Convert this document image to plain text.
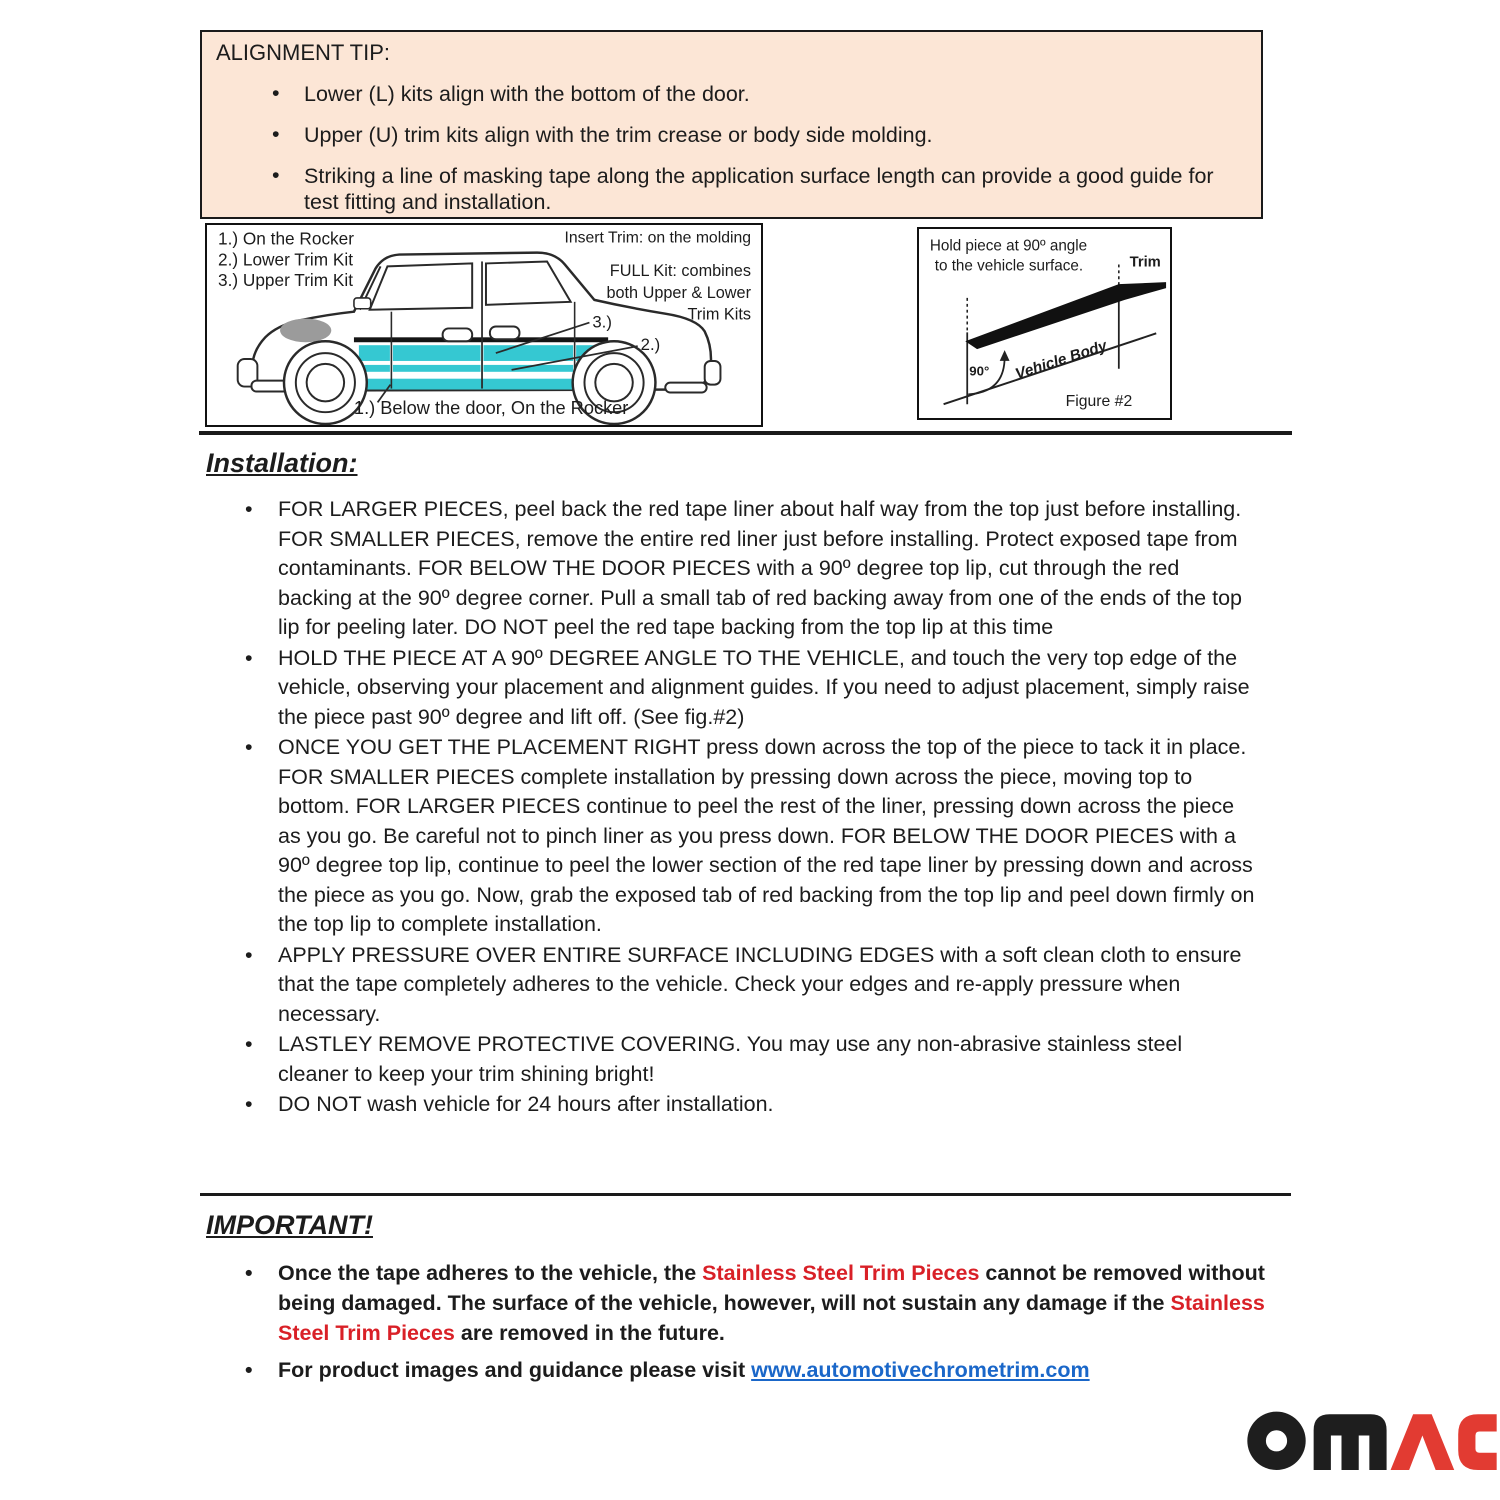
ALIGNMENT TIP:
• Lower (L) kits align with the bottom of the door.
• Upper (U) trim kits align with the trim crease or body side molding.
• Striking a line of masking tape along the application surface length can provide a good guide for test fitting and installation.
1.) On the Rocker
2.) Lower Trim Kit
3.) Upper Trim Kit
Insert Trim: on the molding
FULL Kit: combines
both Upper & Lower
Trim Kits
3.)
2.)
1.) Below the door, On the Rocker
Hold piece at 90º angle
to the vehicle surface.	Trim
90° Vehicle Body
Figure #2
Installation:
• FOR LARGER PIECES, peel back the red tape liner about half way from the top just before installing. FOR SMALLER PIECES, remove the entire red liner just before installing. Protect exposed tape from contaminants. FOR BELOW THE DOOR PIECES with a 90º degree top lip, cut through the red backing at the 90º degree corner. Pull a small tab of red backing away from one of the ends of the top lip for peeling later. DO NOT peel the red tape backing from the top lip at this time
• HOLD THE PIECE AT A 90º DEGREE ANGLE TO THE VEHICLE, and touch the very top edge of the vehicle, observing your placement and alignment guides. If you need to adjust placement, simply raise the piece past 90º degree and lift off. (See fig.#2)
• ONCE YOU GET THE PLACEMENT RIGHT press down across the top of the piece to tack it in place. FOR SMALLER PIECES complete installation by pressing down across the piece, moving top to bottom. FOR LARGER PIECES continue to peel the rest of the liner, pressing down across the piece as you go. Be careful not to pinch liner as you press down. FOR BELOW THE DOOR PIECES with a 90º degree top lip, continue to peel the lower section of the red tape liner by pressing down and across the piece as you go. Now, grab the exposed tab of red backing from the top lip and peel down firmly on the top lip to complete installation.
• APPLY PRESSURE OVER ENTIRE SURFACE INCLUDING EDGES with a soft clean cloth to ensure that the tape completely adheres to the vehicle. Check your edges and re-apply pressure when necessary.
• LASTLEY REMOVE PROTECTIVE COVERING. You may use any non-abrasive stainless steel cleaner to keep your trim shining bright!
• DO NOT wash vehicle for 24 hours after installation.
IMPORTANT!
• Once the tape adheres to the vehicle, the Stainless Steel Trim Pieces cannot be removed without being damaged. The surface of the vehicle, however, will not sustain any damage if the Stainless Steel Trim Pieces are removed in the future.
• For product images and guidance please visit www.automotivechrometrim.com
